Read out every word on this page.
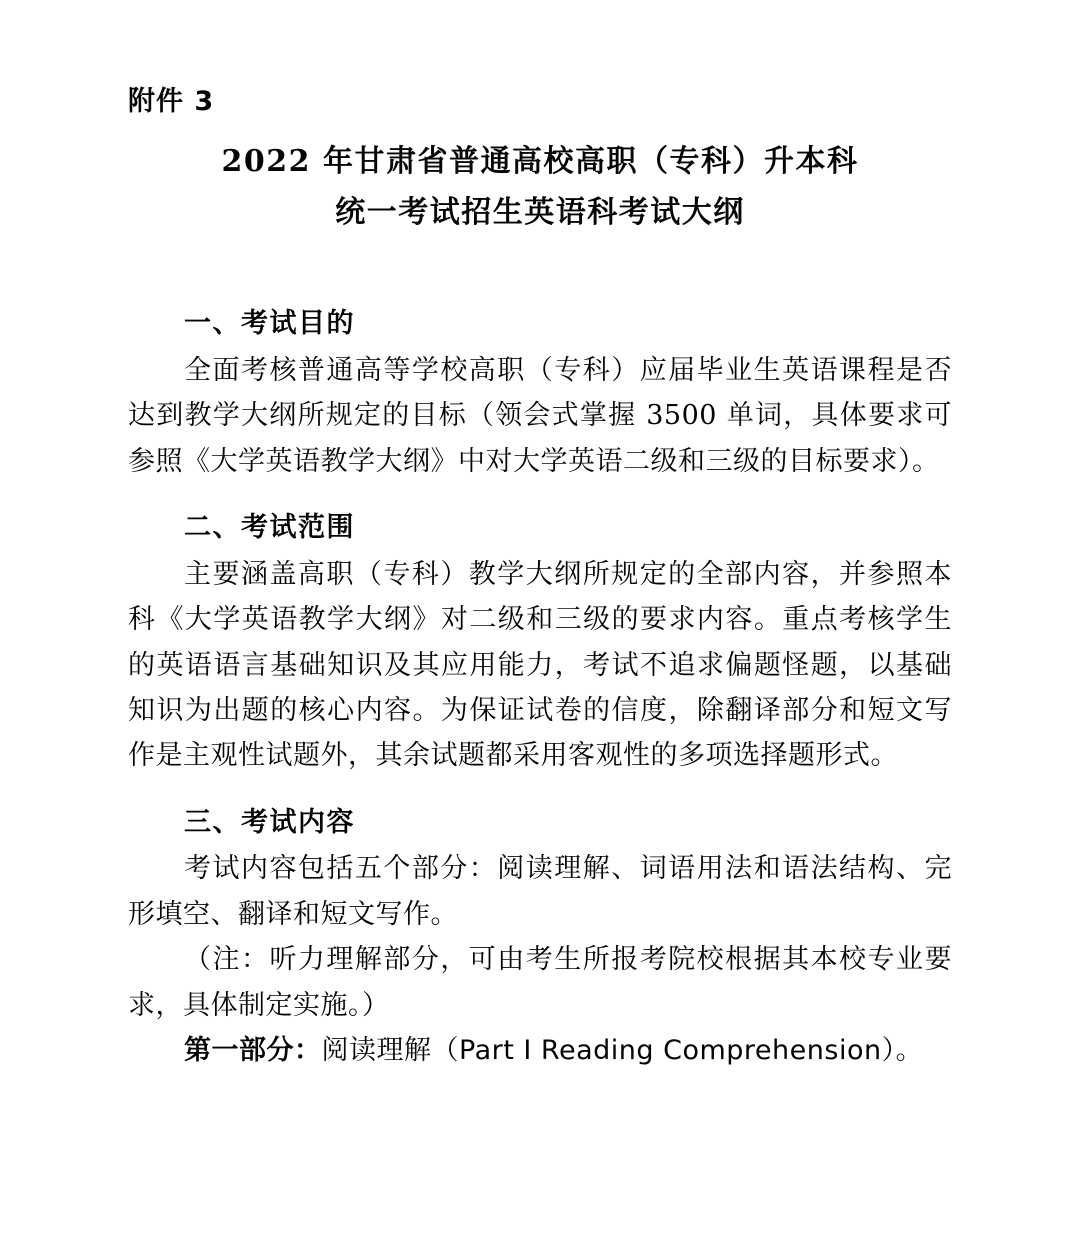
附件 3
2022 年甘肃省普通高校高职（专科）升本科
统一考试招生英语科考试大纲
一、考试目的

全面考核普通高等学校高职（专科）应届毕业生英语课程是否达到教学大纲所规定的目标（领会式掌握 3500 单词，具体要求可参照《大学英语教学大纲》中对大学英语二级和三级的目标要求）。

二、考试范围

主要涵盖高职（专科）教学大纲所规定的全部内容，并参照本科《大学英语教学大纲》对二级和三级的要求内容。重点考核学生的英语语言基础知识及其应用能力，考试不追求偏题怪题，以基础知识为出题的核心内容。为保证试卷的信度，除翻译部分和短文写作是主观性试题外，其余试题都采用客观性的多项选择题形式。

三、考试内容

考试内容包括五个部分：阅读理解、词语用法和语法结构、完形填空、翻译和短文写作。

（注：听力理解部分，可由考生所报考院校根据其本校专业要求，具体制定实施。）

第一部分：阅读理解（Part Ⅰ Reading Comprehension）。
